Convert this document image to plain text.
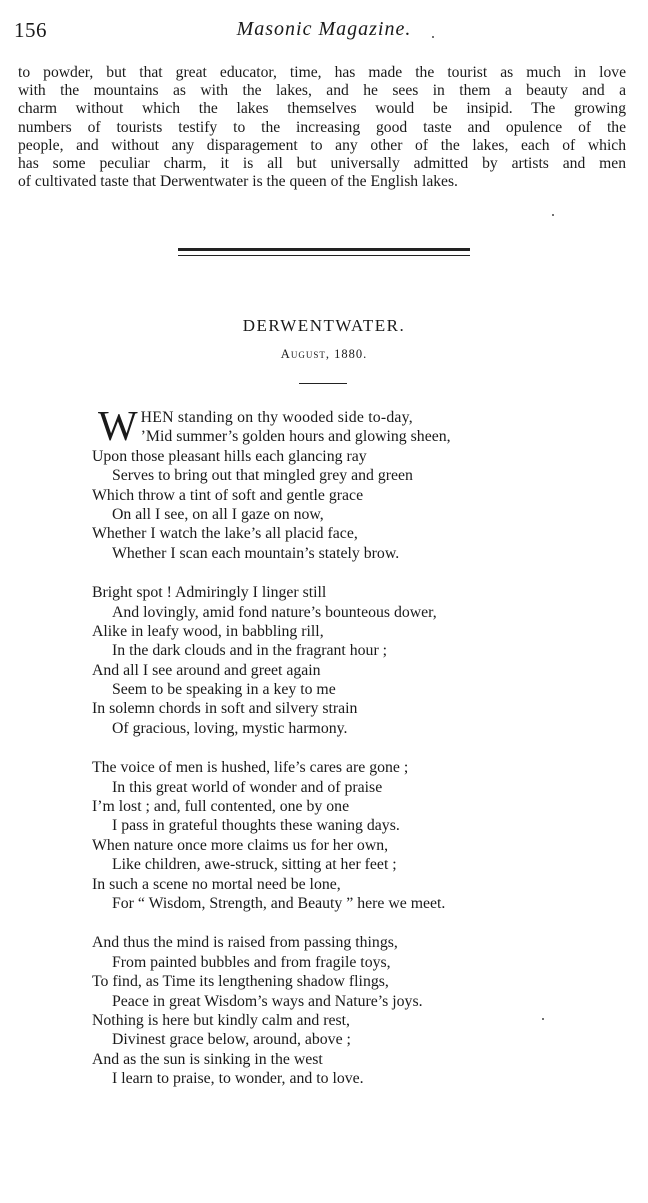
156	Masonic Magazine.
to powder, but that great educator, time, has made the tourist as much in love
with the mountains as with the lakes, and he sees in them a beauty and a
charm without which the lakes themselves would be insipid. The growing
numbers of tourists testify to the increasing good taste and opulence of the
people, and without any disparagement to any other of the lakes, each of which
has some peculiar charm, it is all but universally admitted by artists and men
of cultivated taste that Derwentwater is the queen of the English lakes.
DERWENTWATER.
August, 1880.
W HEN standing on thy wooded side to-day,
’Mid summer’s golden hours and glowing sheen,
Upon those pleasant hills each glancing ray
Serves to bring out that mingled grey and green
Which throw a tint of soft and gentle grace
On all I see, on all I gaze on now,
Whether I watch the lake’s all placid face,
Whether I scan each mountain’s stately brow.
Bright spot ! Admiringly I linger still
And lovingly, amid fond nature’s bounteous dower,
Alike in leafy wood, in babbling rill,
In the dark clouds and in the fragrant hour ;
And all I see around and greet again
Seem to be speaking in a key to me
In solemn chords in soft and silvery strain
Of gracious, loving, mystic harmony.
The voice of men is hushed, life’s cares are gone ;
In this great world of wonder and of praise
I’m lost ; and, full contented, one by one
I pass in grateful thoughts these waning days.
When nature once more claims us for her own,
Like children, awe-struck, sitting at her feet ;
In such a scene no mortal need be lone,
For “ Wisdom, Strength, and Beauty ” here we meet.
And thus the mind is raised from passing things,
From painted bubbles and from fragile toys,
To find, as Time its lengthening shadow flings,
Peace in great Wisdom’s ways and Nature’s joys.
Nothing is here but kindly calm and rest,
Divinest grace below, around, above ;
And as the sun is sinking in the west
I learn to praise, to wonder, and to love.
